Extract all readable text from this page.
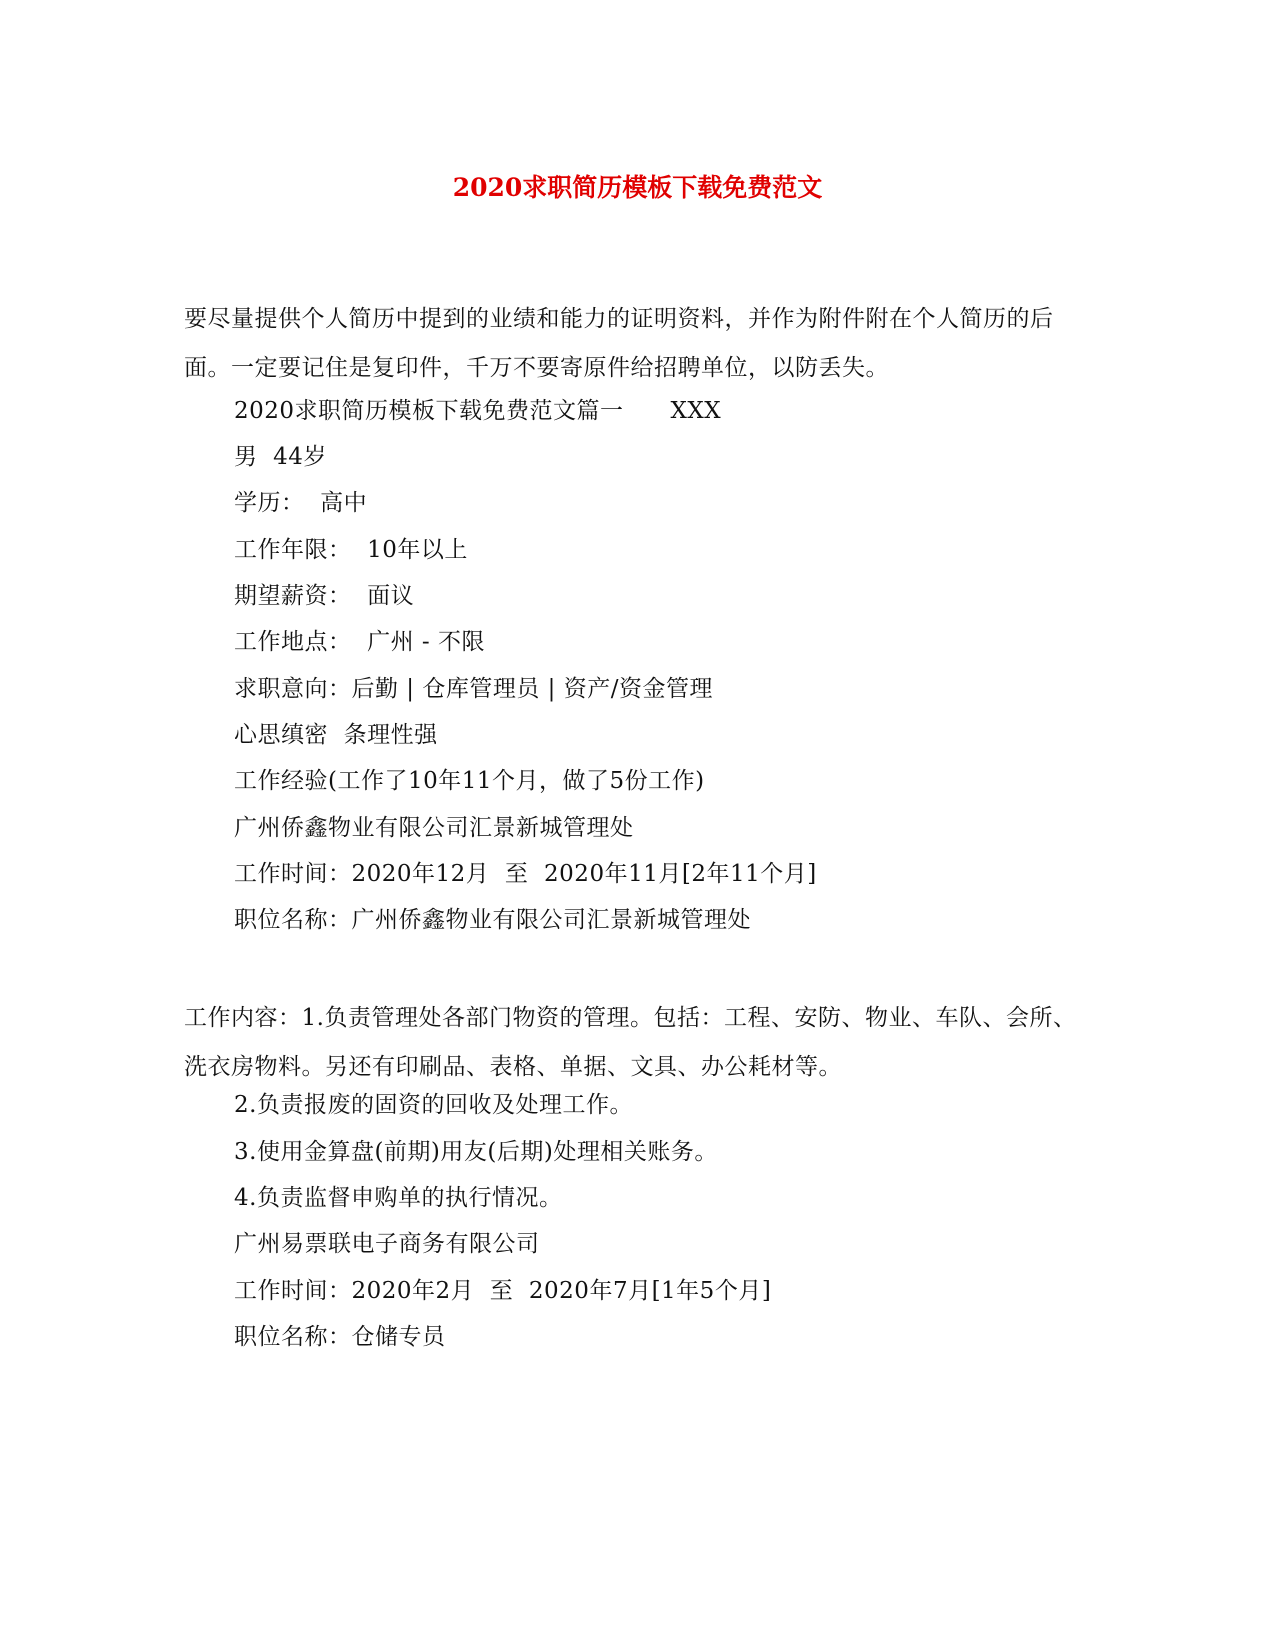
2020求职简历模板下载免费范文

要尽量提供个人简历中提到的业绩和能力的证明资料，并作为附件附在个人简历的后面。一定要记住是复印件，千万不要寄原件给招聘单位，以防丢失。

2020求职简历模板下载免费范文篇一　　XXX

男  44岁

学历：  高中

工作年限：  10年以上

期望薪资：  面议

工作地点：  广州 - 不限

求职意向：后勤 | 仓库管理员 | 资产/资金管理

心思缜密  条理性强

工作经验(工作了10年11个月，做了5份工作)

广州侨鑫物业有限公司汇景新城管理处

工作时间：2020年12月  至  2020年11月[2年11个月]

职位名称：广州侨鑫物业有限公司汇景新城管理处

工作内容：1.负责管理处各部门物资的管理。包括：工程、安防、物业、车队、会所、洗衣房物料。另还有印刷品、表格、单据、文具、办公耗材等。

2.负责报废的固资的回收及处理工作。

3.使用金算盘(前期)用友(后期)处理相关账务。

4.负责监督申购单的执行情况。

广州易票联电子商务有限公司

工作时间：2020年2月  至  2020年7月[1年5个月]

职位名称：仓储专员
